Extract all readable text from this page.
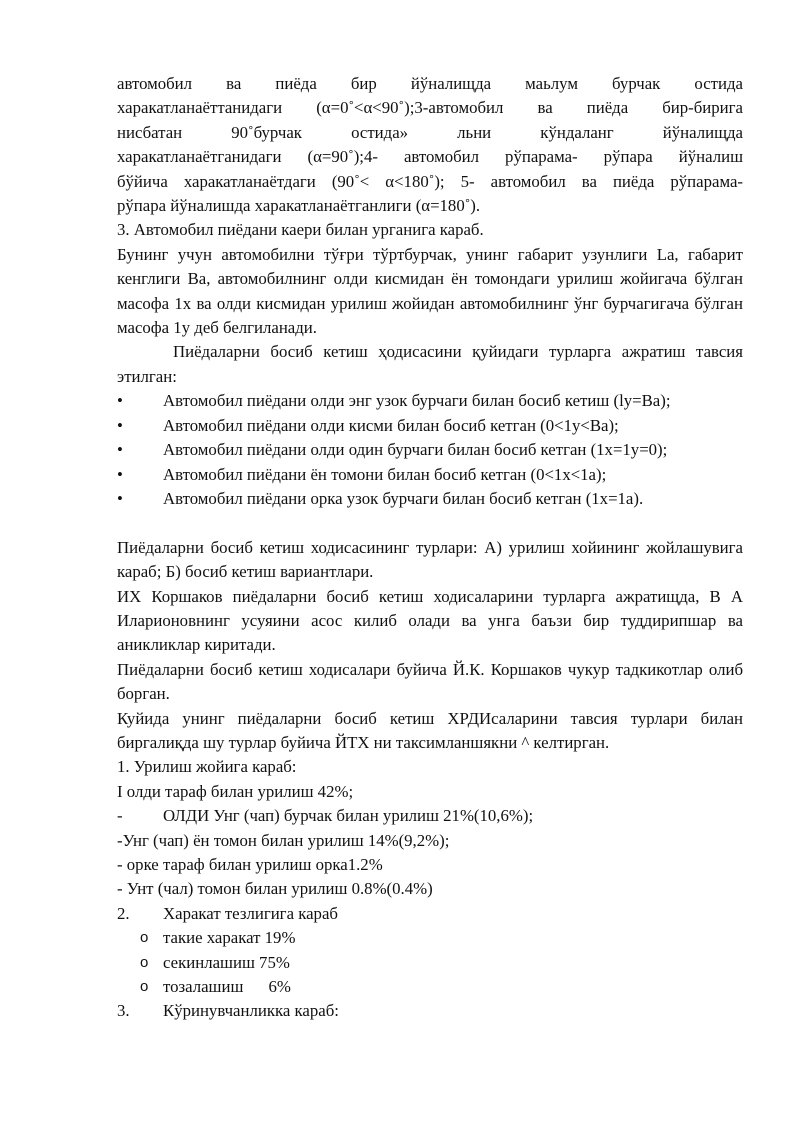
автомобил ва пиёда бир йўналищда маьлум бурчак остида

харакатланаёттанидаги (α=0˚<α<90˚);3-автомобил ва пиёда бир-бирига

нисбатан 90˚бурчак остида» льни кўндаланг йўналищда

харакатланаётганидаги (α=90˚);4- автомобил рўпарама- рўпара йўналиш

бўйича харакатланаётдаги (90˚< α<180˚); 5- автомобил ва пиёда рўпарама-

рўпара йўналишда харакатланаётганлиги (α=180˚).

3. Автомобил пиёдани каери билан урганига караб.

Бунинг учун автомобилни тўғри тўртбурчак, унинг габарит узунлиги La, габарит кенглиги Ва, автомобилнинг олди кисмидан ён томондаги урилиш жойигача бўлган масофа 1х ва олди кисмидан урилиш жойидан автомобилнинг ўнг бурчагигача бўлган масофа 1у деб белгиланади.

Пиёдаларни босиб кетиш ҳодисасини қуйидаги турларга ажратиш тавсия этилган:

•	Автомобил пиёдани олди энг узок бурчаги билан босиб кетиш (ly=Ba);
•	Автомобил пиёдани олди кисми билан босиб кетган (0<1y<Ba);
•	Автомобил пиёдани олди один бурчаги билан босиб кетган (1х=1у=0);
•	Автомобил пиёдани ён томони билан босиб кетган (0<1х<1а);
•	Автомобил пиёдани орка узок бурчаги билан босиб кетган (1х=1а).

Пиёдаларни босиб кетиш ходисасининг турлари: А) урилиш хойининг жойлашувига караб; Б) босиб кетиш вариантлари.

ИХ Коршаков пиёдаларни босиб кетиш ходисаларини турларга ажратищда, В А Иларионовнинг усуяини асос килиб олади ва унга баъзи бир туддирипшар ва аникликлар киритади.

Пиёдаларни босиб кетиш ходисалари буйича Й.К. Коршаков чукур тадкикотлар олиб борган.

Куйида унинг пиёдаларни босиб кетиш ХРДИсаларини тавсия турлари билан биргалиқда шу турлар буйича ЙТХ ни таксимланшякни ^ келтирган.

1. Урилиш жойига караб:

I олди тараф билан урилиш 42%;

-	ОЛДИ Унг (чап) бурчак билан урилиш 21%(10,6%);

-Унг (чап) ён томон билан урилиш 14%(9,2%);

- орке тараф билан урилиш орка1.2%

- Унт (чал) томон билан урилиш 0.8%(0.4%)

2.	Харакат тезлигига караб
o такие харакат 19%
o секинлашиш 75%
o тозалашиш      6%
3.	Кўринувчанликка караб:
